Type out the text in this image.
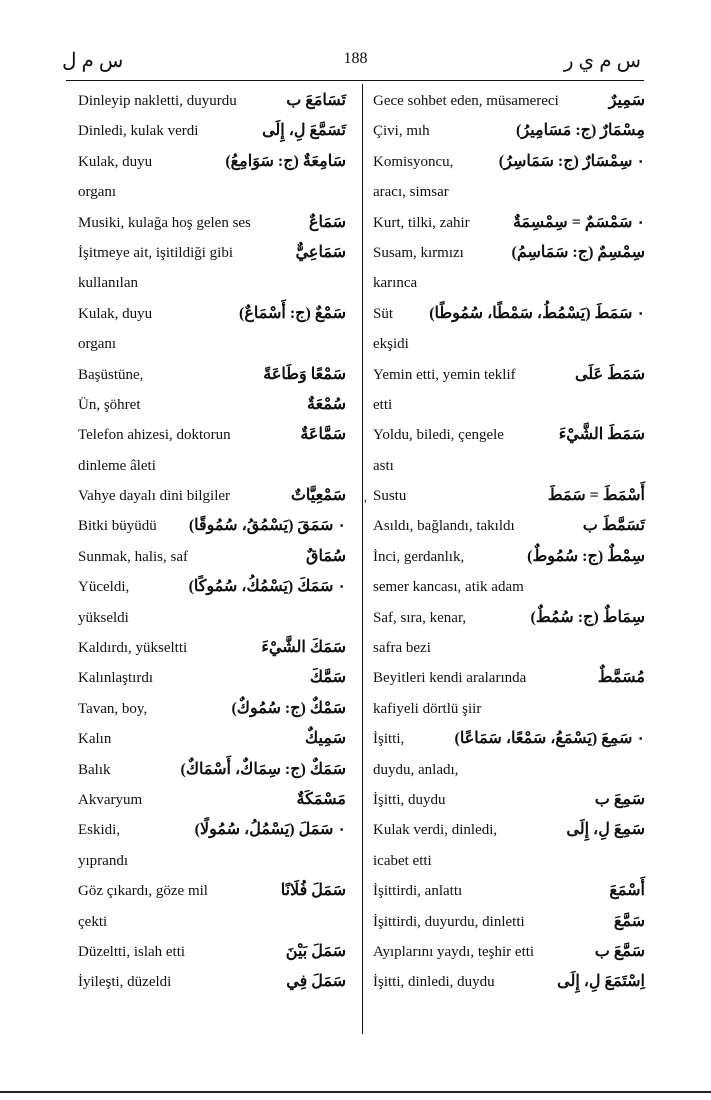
س م ل	188	س م ي ر
'
Dinleyip nakletti, duyurdu	تَسَامَعَ ب
Dinledi, kulak verdi	تَسَمَّعَ لِ، إِلَى
Kulak, duyu	سَامِعَةٌ (ج: سَوَامِعُ)
organı
Musiki, kulağa hoş gelen ses	سَمَاعٌ
İşitmeye ait, işitildiği gibi	سَمَاعِيٌّ
kullanılan
Kulak, duyu	سَمْعٌ (ج: أَسْمَاعٌ)
organı
Başüstüne,	سَمْعًا وَطَاعَةً
Ün, şöhret	سُمْعَةٌ
Telefon ahizesi, doktorun	سَمَّاعَةٌ
dinleme âleti
Vahye dayalı dini bilgiler	سَمْعِيَّاتٌ
Bitki büyüdü ۰ سَمَقَ (يَسْمُقُ، سُمُوقًا)
Sunmak, halis, saf	سُمَاقٌ
Yüceldi,	۰ سَمَكَ (يَسْمُكُ، سُمُوكًا)
yükseldi
Kaldırdı, yükseltti	سَمَكَ الشَّيْءَ
Kalınlaştırdı	سَمَّكَ
Tavan, boy,	سَمْكٌ (ج: سُمُوكٌ)
Kalın	سَمِيكٌ
Balık	سَمَكٌ (ج: سِمَاكٌ، أَسْمَاكٌ)
Akvaryum	مَسْمَكَةٌ
Eskidi,	۰ سَمَلَ (يَسْمُلُ، سُمُولًا)
yıprandı
Göz çıkardı, göze mil	سَمَلَ فُلَانًا
çekti
Düzeltti, islah etti	سَمَلَ بَيْنَ
İyileşti, düzeldi	سَمَلَ فِي
Gece sohbet eden, müsamereci	سَمِيرٌ
Çivi, mıh	مِسْمَارٌ (ج: مَسَامِيرُ)
Komisyoncu,	۰ سِمْسَارٌ (ج: سَمَاسِرُ)
aracı, simsar
Kurt, tilki, zahir	۰ سَمْسَمٌ = سِمْسِمَةٌ
Susam, kırmızı	سِمْسِمٌ (ج: سَمَاسِمُ)
karınca
Süt ۰ سَمَطَ (يَسْمُطُ، سَمْطًا، سُمُوطًا)
ekşidi
Yemin etti, yemin teklif	سَمَطَ عَلَى
etti
Yoldu, biledi, çengele	سَمَطَ الشَّيْءَ
astı
Sustu	أَسْمَطَ = سَمَطَ
Asıldı, bağlandı, takıldı	تَسَمَّطَ ب
İnci, gerdanlık,	سِمْطٌ (ج: سُمُوطٌ)
semer kancası, atik adam
Saf, sıra, kenar,	سِمَاطٌ (ج: سُمُطٌ)
safra bezi
Beyitleri kendi aralarında	مُسَمَّطٌ
kafiyeli dörtlü şiir
İşitti,	۰ سَمِعَ (يَسْمَعُ، سَمْعًا، سَمَاعًا)
duydu, anladı,
İşitti, duydu	سَمِعَ ب
Kulak verdi, dinledi,	سَمِعَ لِ، إِلَى
icabet etti
İşittirdi, anlattı	أَسْمَعَ
İşittirdi, duyurdu, dinletti	سَمَّعَ
Ayıplarını yaydı, teşhir etti	سَمَّعَ ب
İşitti, dinledi, duydu	اِسْتَمَعَ لِ، إِلَى
